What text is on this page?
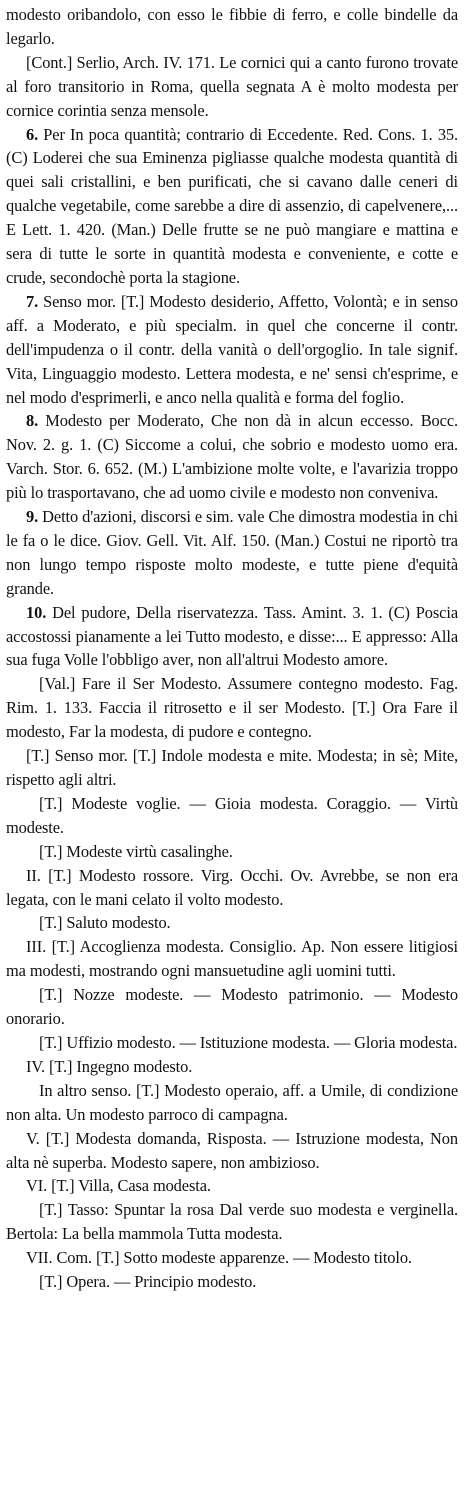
modesto oribandolo, con esso le fibbie di ferro, e colle bindelle da legarlo.

[Cont.] Serlio, Arch. IV. 171. Le cornici qui a canto furono trovate al foro transitorio in Roma, quella segnata A è molto modesta per cornice corintia senza mensole.

6. Per In poca quantità; contrario di Eccedente. Red. Cons. 1. 35. (C) Loderei che sua Eminenza pigliasse qualche modesta quantità di quei sali cristallini, e ben purificati, che si cavano dalle ceneri di qualche vegetabile, come sarebbe a dire di assenzio, di capelvenere,... E Lett. 1. 420. (Man.) Delle frutte se ne può mangiare e mattina e sera di tutte le sorte in quantità modesta e conveniente, e cotte e crude, secondochè porta la stagione.

7. Senso mor. [T.] Modesto desiderio, Affetto, Volontà; e in senso aff. a Moderato, e più specialm. in quel che concerne il contr. dell'impudenza o il contr. della vanità o dell'orgoglio. In tale signif. Vita, Linguaggio modesto. Lettera modesta, e ne' sensi ch'esprime, e nel modo d'esprimerli, e anco nella qualità e forma del foglio.

8. Modesto per Moderato, Che non dà in alcun eccesso. Bocc. Nov. 2. g. 1. (C) Siccome a colui, che sobrio e modesto uomo era. Varch. Stor. 6. 652. (M.) L'ambizione molte volte, e l'avarizia troppo più lo trasportavano, che ad uomo civile e modesto non conveniva.

9. Detto d'azioni, discorsi e sim. vale Che dimostra modestia in chi le fa o le dice. Giov. Gell. Vit. Alf. 150. (Man.) Costui ne riportò tra non lungo tempo risposte molto modeste, e tutte piene d'equità grande.

10. Del pudore, Della riservatezza. Tass. Amint. 3. 1. (C) Poscia accostossi pianamente a lei Tutto modesto, e disse:... E appresso: Alla sua fuga Volle l'obbligo aver, non all'altrui Modesto amore.

[Val.] Fare il Ser Modesto. Assumere contegno modesto. Fag. Rim. 1. 133. Faccia il ritrosetto e il ser Modesto. [T.] Ora Fare il modesto, Far la modesta, di pudore e contegno.

[T.] Senso mor. [T.] Indole modesta e mite. Modesta; in sè; Mite, rispetto agli altri.

[T.] Modeste voglie. — Gioia modesta. Coraggio. — Virtù modeste.

[T.] Modeste virtù casalinghe.

II. [T.] Modesto rossore. Virg. Occhi. Ov. Avrebbe, se non era legata, con le mani celato il volto modesto.

[T.] Saluto modesto.

III. [T.] Accoglienza modesta. Consiglio. Ap. Non essere litigiosi ma modesti, mostrando ogni mansuetudine agli uomini tutti.

[T.] Nozze modeste. — Modesto patrimonio. — Modesto onorario.

[T.] Uffizio modesto. — Istituzione modesta. — Gloria modesta.

IV. [T.] Ingegno modesto.

In altro senso. [T.] Modesto operaio, aff. a Umile, di condizione non alta. Un modesto parroco di campagna.

V. [T.] Modesta domanda, Risposta. — Istruzione modesta, Non alta nè superba. Modesto sapere, non ambizioso.

VI. [T.] Villa, Casa modesta.

[T.] Tasso: Spuntar la rosa Dal verde suo modesta e verginella. Bertola: La bella mammola Tutta modesta.

VII. Com. [T.] Sotto modeste apparenze. — Modesto titolo.

[T.] Opera. — Principio modesto.
